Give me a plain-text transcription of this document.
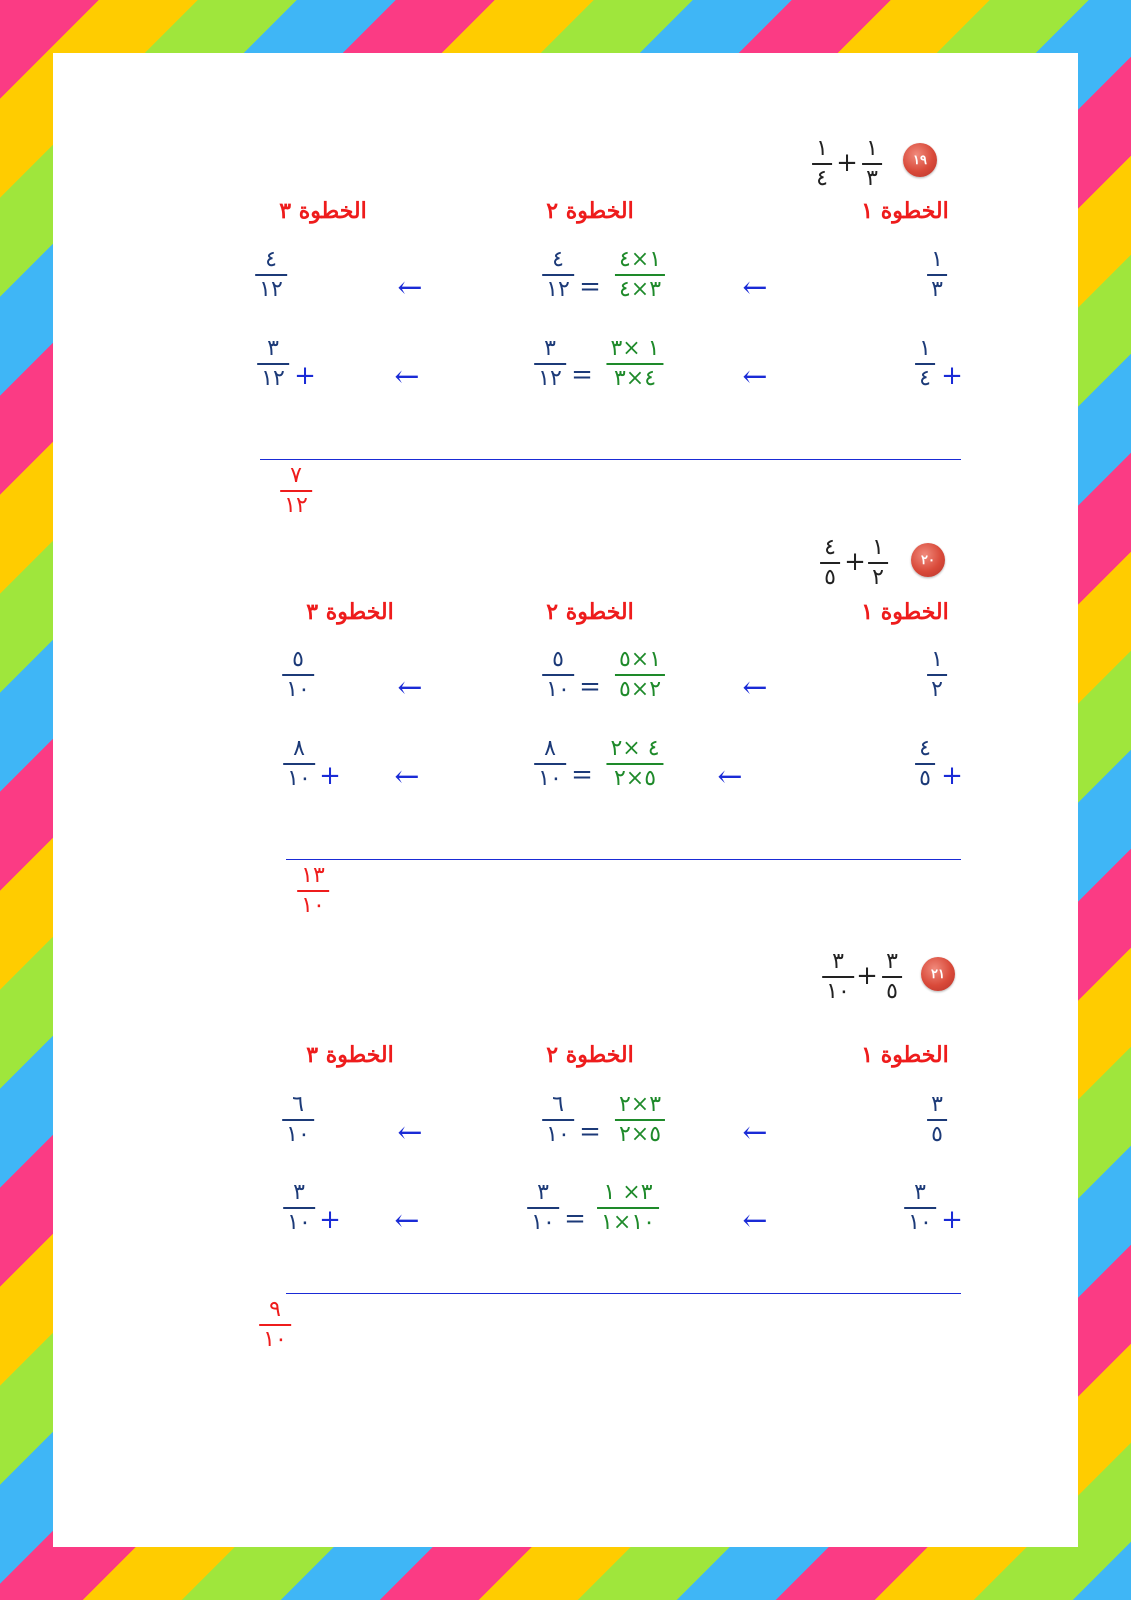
١٩
١
٣
+
١
٤
الخطوة ١
الخطوة ٢
الخطوة ٣
١
٣
←
١×٤
٣×٤
=
٤
١٢
←
٤
١٢
+
١
٤
←
١ ×٣
٤×٣
=
٣
١٢
←
+
٣
١٢
٧
١٢
٢٠
١
٢
+
٤
٥
الخطوة ١
الخطوة ٢
الخطوة ٣
١
٢
←
١×٥
٢×٥
=
٥
١٠
←
٥
١٠
+
٤
٥
←
٤ ×٢
٥×٢
=
٨
١٠
←
+
٨
١٠
١٣
١٠
٢١
٣
٥
+
٣
١٠
الخطوة ١
الخطوة ٢
الخطوة ٣
٣
٥
←
٣×٢
٥×٢
=
٦
١٠
←
٦
١٠
+
٣
١٠
←
٣× ١
١٠×١
=
٣
١٠
←
+
٣
١٠
٩
١٠
